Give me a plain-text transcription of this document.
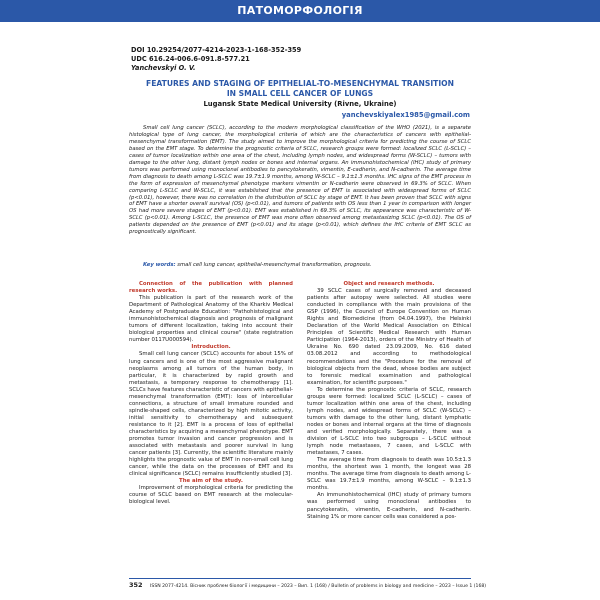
ПАТОМОРФОЛОГІЯ
DOI 10.29254/2077-4214-2023-1-168-352-359
UDC 616.24-006.6-091.8-577.21
Yanchevskyi O. V.
FEATURES AND STAGING OF EPITHELIAL-TO-MESENCHYMAL TRANSITION
IN SMALL CELL CANCER OF LUNGS
Lugansk State Medical University (Rivne, Ukraine)
yanchevskiyalex1985@gmail.com

Small cell lung cancer (SCLC), according to the modern morphological classification of the WHO (2021), is a separate histological type of lung cancer, the morphological criteria of which are the characteristics of cancers with epithelial-mesenchymal transformation (EMT). The study aimed to improve the morphological criteria for predicting the course of SCLC based on the EMT stage. To determine the prognostic criteria of SCLC, research groups were formed: localized SCLC (L-SCLC) – cases of tumor localization within one area of the chest, including lymph nodes, and widespread forms (W-SCLC) – tumors with damage to the other lung, distant lymph nodes or bones and internal organs. An immunohistochemical (IHC) study of primary tumors was performed using monoclonal antibodies to pancytokeratin, vimentin, E-cadherin, and N-cadherin. The average time from diagnosis to death among L-SCLC was 19.7±1.9 months, among W-SCLC – 9.1±1.3 months. IHC signs of the EMT process in the form of expression of mesenchymal phenotype markers vimentin or N-cadherin were observed in 69.3% of SCLC. When comparing L-SCLC and W-SCLC, it was established that the presence of EMT is associated with widespread forms of SCLC (p<0.01), however, there was no correlation in the distribution of SCLC by stage of EMT. It has been proven that SCLC with signs of EMT have a shorter overall survival (OS) (p<0.01), and tumors of patients with OS less than 1 year in comparison with longer OS had more severe stages of EMT (p<0.01). EMT was established in 69.3% of SCLC, its appearance was characteristic of W-SCLC (p<0.01). Among L-SCLC, the presence of EMT was more often observed among metastasizing SCLC (p<0.01). The OS of patients depended on the presence of EMT (p<0.01) and its stage (p<0.01), which defines the IHC criteria of EMT SCLC as prognostically significant.

Key words: small cell lung cancer, epithelial-mesenchymal transformation, prognosis.

Connection of the publication with planned research works.

This publication is part of the research work of the Department of Pathological Anatomy of the Kharkiv Medical Academy of Postgraduate Education: "Pathohistological and immunohistochemical diagnosis and prognosis of malignant tumors of different localization, taking into account their biological properties and clinical course" (state registration number 0117U000594).

Introduction.

Small cell lung cancer (SCLC) accounts for about 15% of lung cancers and is one of the most aggressive malignant neoplasms among all tumors of the human body, in particular, it is characterized by rapid growth and metastasis, a temporary response to chemotherapy [1]. SCLCs have features characteristic of cancers with epithelial-mesenchymal transformation (EMT): loss of intercellular connections, a structure of small immature rounded and spindle-shaped cells, characterized by high mitotic activity, initial sensitivity to chemotherapy and subsequent resistance to it [2]. EMT is a process of loss of epithelial characteristics by acquiring a mesenchymal phenotype. EMT promotes tumor invasion and cancer progression and is associated with metastasis and poorer survival in lung cancer patients [3]. Currently, the scientific literature mainly highlights the prognostic value of EMT in non-small cell lung cancer, while the data on the processes of EMT and its clinical significance (SCLC) remains insufficiently studied [3].

The aim of the study.

Improvement of morphological criteria for predicting the course of SCLC based on EMT research at the molecular-biological level.

Object and research methods.

39 SCLC cases of surgically removed and deceased patients after autopsy were selected. All studies were conducted in compliance with the main provisions of the GSP (1996), the Council of Europe Convention on Human Rights and Biomedicine (from 04.04.1997), the Helsinki Declaration of the World Medical Association on Ethical Principles of Scientific Medical Research with Human Participation (1964-2013), orders of the Ministry of Health of Ukraine No. 690 dated 23.09.2009, No. 616 dated 03.08.2012 and according to methodological recommendations and the "Procedure for the removal of biological objects from the dead, whose bodies are subject to forensic medical examination and pathological examination, for scientific purposes."

To determine the prognostic criteria of SCLC, research groups were formed: localized SCLC (L-SCLC) – cases of tumor localization within one area of the chest, including lymph nodes, and widespread forms of SCLC (W-SCLC) – tumors with damage to the other lung, distant lymphatic nodes or bones and internal organs at the time of diagnosis and verified morphologically. Separately, there was a division of L-SCLC into two subgroups – L-SCLC without lymph node metastases, 7 cases, and L-SCLC with metastases, 7 cases.

The average time from diagnosis to death was 10.5±1.3 months, the shortest was 1 month, the longest was 28 months. The average time from diagnosis to death among L-SCLC was 19.7±1.9 months, among W-SCLC – 9.1±1.3 months.

An immunohistochemical (IHC) study of primary tumors was performed using monoclonal antibodies to pancytokeratin, vimentin, E-cadherin, and N-cadherin. Staining 1% or more cancer cells was considered a pos-

352 ISSN 2077-4214. Вісник проблем біології і медицини – 2023 – Вип. 1 (168) / Bulletin of problems in biology and medicine – 2023 – Issue 1 (168)
